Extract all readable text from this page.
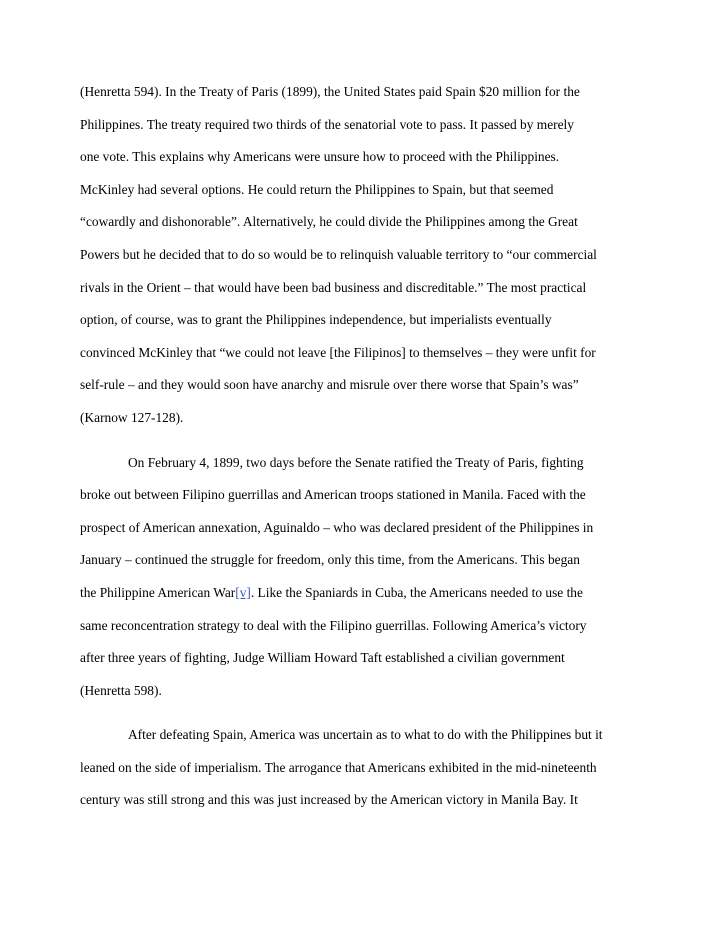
(Henretta 594). In the Treaty of Paris (1899), the United States paid Spain $20 million for the
Philippines. The treaty required two thirds of the senatorial vote to pass. It passed by merely
one vote. This explains why Americans were unsure how to proceed with the Philippines.
McKinley had several options. He could return the Philippines to Spain, but that seemed
“cowardly and dishonorable”. Alternatively, he could divide the Philippines among the Great
Powers but he decided that to do so would be to relinquish valuable territory to “our commercial
rivals in the Orient – that would have been bad business and discreditable.” The most practical
option, of course, was to grant the Philippines independence, but imperialists eventually
convinced McKinley that “we could not leave [the Filipinos] to themselves – they were unfit for
self-rule – and they would soon have anarchy and misrule over there worse that Spain’s was”
(Karnow 127-128).
On February 4, 1899, two days before the Senate ratified the Treaty of Paris, fighting
broke out between Filipino guerrillas and American troops stationed in Manila. Faced with the
prospect of American annexation, Aguinaldo – who was declared president of the Philippines in
January – continued the struggle for freedom, only this time, from the Americans. This began
the Philippine American War[v]. Like the Spaniards in Cuba, the Americans needed to use the
same reconcentration strategy to deal with the Filipino guerrillas. Following America’s victory
after three years of fighting, Judge William Howard Taft established a civilian government
(Henretta 598).
After defeating Spain, America was uncertain as to what to do with the Philippines but it
leaned on the side of imperialism. The arrogance that Americans exhibited in the mid-nineteenth
century was still strong and this was just increased by the American victory in Manila Bay. It
